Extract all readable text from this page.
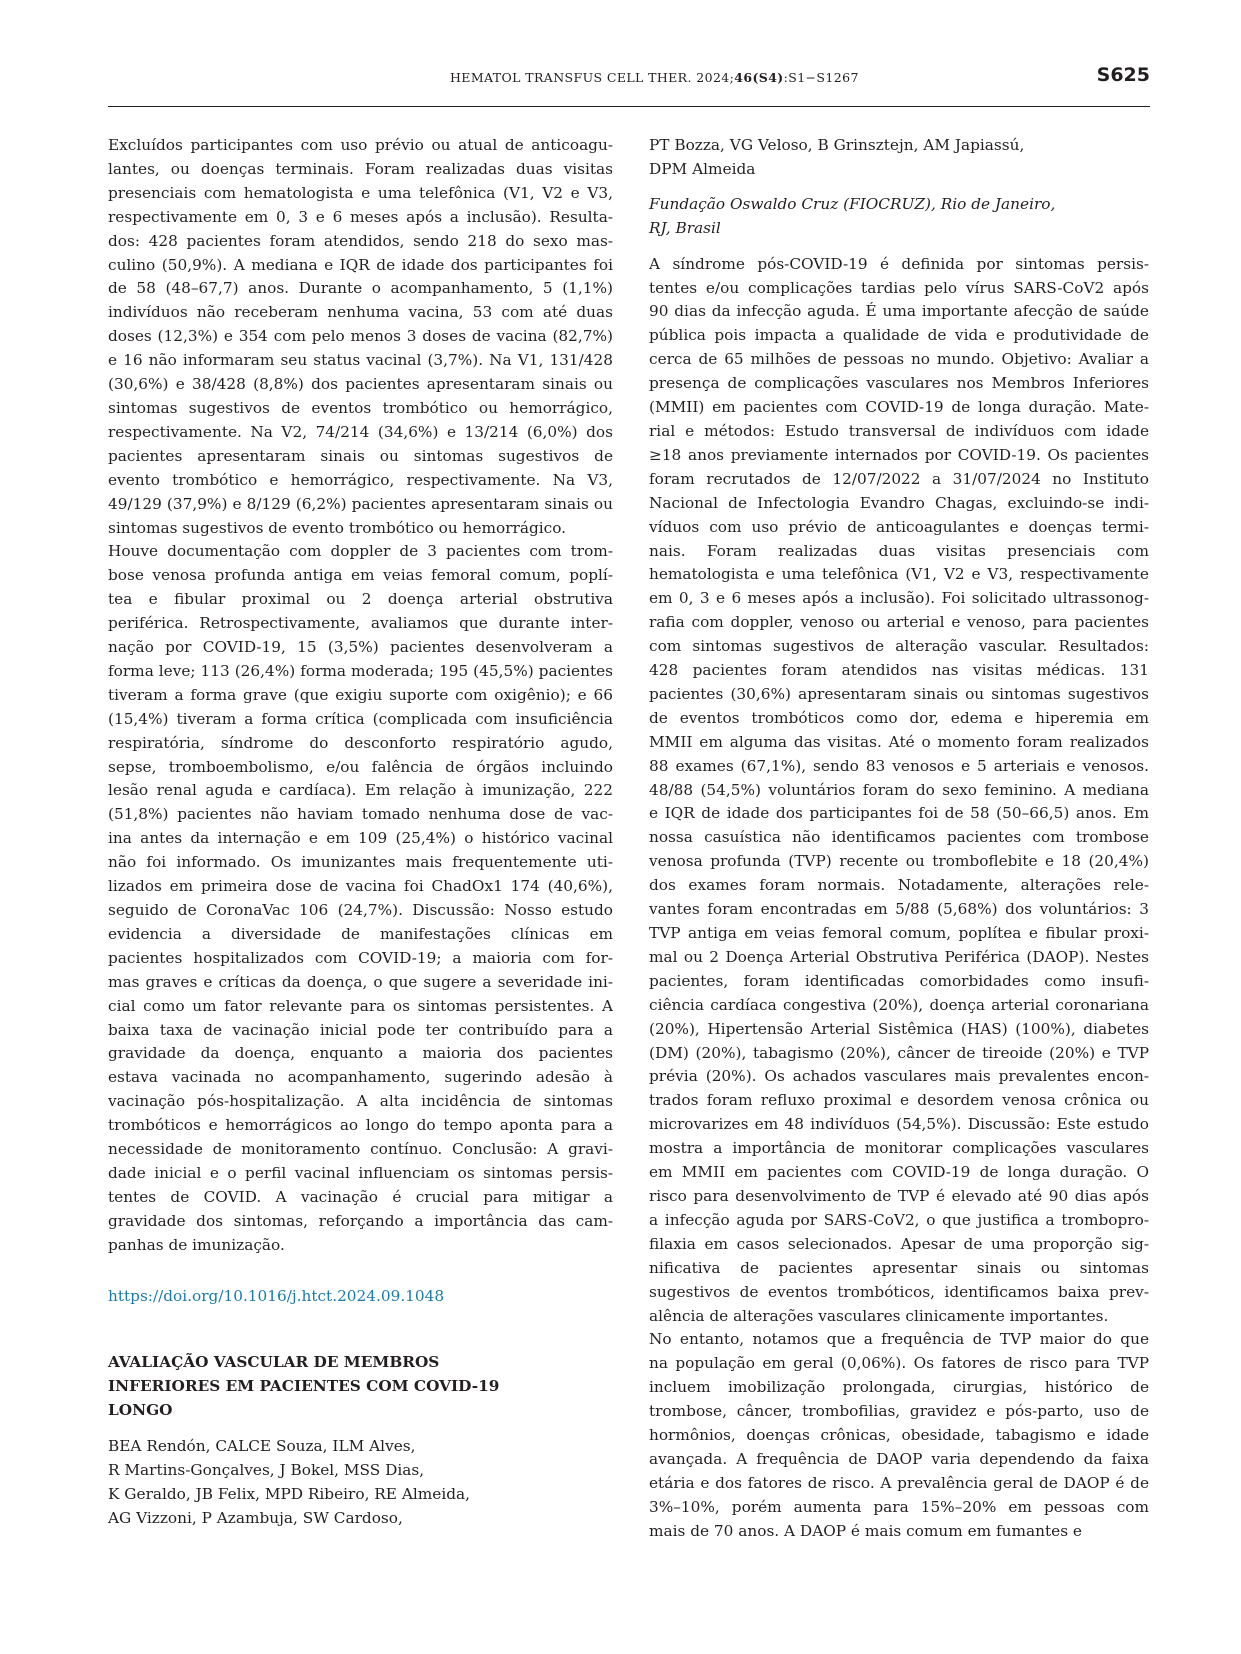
HEMATOL TRANSFUS CELL THER. 2024;46(S4):S1−S1267	S625
Excluídos participantes com uso prévio ou atual de anticoagu-
lantes, ou doenças terminais. Foram realizadas duas visitas
presenciais com hematologista e uma telefônica (V1, V2 e V3,
respectivamente em 0, 3 e 6 meses após a inclusão). Resulta-
dos: 428 pacientes foram atendidos, sendo 218 do sexo mas-
culino (50,9%). A mediana e IQR de idade dos participantes foi
de 58 (48–67,7) anos. Durante o acompanhamento, 5 (1,1%)
indivíduos não receberam nenhuma vacina, 53 com até duas
doses (12,3%) e 354 com pelo menos 3 doses de vacina (82,7%)
e 16 não informaram seu status vacinal (3,7%). Na V1, 131/428
(30,6%) e 38/428 (8,8%) dos pacientes apresentaram sinais ou
sintomas sugestivos de eventos trombótico ou hemorrágico,
respectivamente. Na V2, 74/214 (34,6%) e 13/214 (6,0%) dos
pacientes apresentaram sinais ou sintomas sugestivos de
evento trombótico e hemorrágico, respectivamente. Na V3,
49/129 (37,9%) e 8/129 (6,2%) pacientes apresentaram sinais ou
sintomas sugestivos de evento trombótico ou hemorrágico.
Houve documentação com doppler de 3 pacientes com trom-
bose venosa profunda antiga em veias femoral comum, poplí-
tea e fibular proximal ou 2 doença arterial obstrutiva
periférica. Retrospectivamente, avaliamos que durante inter-
nação por COVID-19, 15 (3,5%) pacientes desenvolveram a
forma leve; 113 (26,4%) forma moderada; 195 (45,5%) pacientes
tiveram a forma grave (que exigiu suporte com oxigênio); e 66
(15,4%) tiveram a forma crítica (complicada com insuficiência
respiratória, síndrome do desconforto respiratório agudo,
sepse, tromboembolismo, e/ou falência de órgãos incluindo
lesão renal aguda e cardíaca). Em relação à imunização, 222
(51,8%) pacientes não haviam tomado nenhuma dose de vac-
ina antes da internação e em 109 (25,4%) o histórico vacinal
não foi informado. Os imunizantes mais frequentemente uti-
lizados em primeira dose de vacina foi ChadOx1 174 (40,6%),
seguido de CoronaVac 106 (24,7%). Discussão: Nosso estudo
evidencia a diversidade de manifestações clínicas em
pacientes hospitalizados com COVID-19; a maioria com for-
mas graves e críticas da doença, o que sugere a severidade ini-
cial como um fator relevante para os sintomas persistentes. A
baixa taxa de vacinação inicial pode ter contribuído para a
gravidade da doença, enquanto a maioria dos pacientes
estava vacinada no acompanhamento, sugerindo adesão à
vacinação pós-hospitalização. A alta incidência de sintomas
trombóticos e hemorrágicos ao longo do tempo aponta para a
necessidade de monitoramento contínuo. Conclusão: A gravi-
dade inicial e o perfil vacinal influenciam os sintomas persis-
tentes de COVID. A vacinação é crucial para mitigar a
gravidade dos sintomas, reforçando a importância das cam-
panhas de imunização.
https://doi.org/10.1016/j.htct.2024.09.1048
AVALIAÇÃO VASCULAR DE MEMBROS
INFERIORES EM PACIENTES COM COVID-19
LONGO
BEA Rendón, CALCE Souza, ILM Alves,
R Martins-Gonçalves, J Bokel, MSS Dias,
K Geraldo, JB Felix, MPD Ribeiro, RE Almeida,
AG Vizzoni, P Azambuja, SW Cardoso,
PT Bozza, VG Veloso, B Grinsztejn, AM Japiassú,
DPM Almeida
Fundação Oswaldo Cruz (FIOCRUZ), Rio de Janeiro,
RJ, Brasil
A síndrome pós-COVID-19 é definida por sintomas persis-
tentes e/ou complicações tardias pelo vírus SARS-CoV2 após
90 dias da infecção aguda. É uma importante afecção de saúde
pública pois impacta a qualidade de vida e produtividade de
cerca de 65 milhões de pessoas no mundo. Objetivo: Avaliar a
presença de complicações vasculares nos Membros Inferiores
(MMII) em pacientes com COVID-19 de longa duração. Mate-
rial e métodos: Estudo transversal de indivíduos com idade
≥18 anos previamente internados por COVID-19. Os pacientes
foram recrutados de 12/07/2022 a 31/07/2024 no Instituto
Nacional de Infectologia Evandro Chagas, excluindo-se indi-
víduos com uso prévio de anticoagulantes e doenças termi-
nais. Foram realizadas duas visitas presenciais com
hematologista e uma telefônica (V1, V2 e V3, respectivamente
em 0, 3 e 6 meses após a inclusão). Foi solicitado ultrassonog-
rafia com doppler, venoso ou arterial e venoso, para pacientes
com sintomas sugestivos de alteração vascular. Resultados:
428 pacientes foram atendidos nas visitas médicas. 131
pacientes (30,6%) apresentaram sinais ou sintomas sugestivos
de eventos trombóticos como dor, edema e hiperemia em
MMII em alguma das visitas. Até o momento foram realizados
88 exames (67,1%), sendo 83 venosos e 5 arteriais e venosos.
48/88 (54,5%) voluntários foram do sexo feminino. A mediana
e IQR de idade dos participantes foi de 58 (50–66,5) anos. Em
nossa casuística não identificamos pacientes com trombose
venosa profunda (TVP) recente ou tromboflebite e 18 (20,4%)
dos exames foram normais. Notadamente, alterações rele-
vantes foram encontradas em 5/88 (5,68%) dos voluntários: 3
TVP antiga em veias femoral comum, poplítea e fibular proxi-
mal ou 2 Doença Arterial Obstrutiva Periférica (DAOP). Nestes
pacientes, foram identificadas comorbidades como insufi-
ciência cardíaca congestiva (20%), doença arterial coronariana
(20%), Hipertensão Arterial Sistêmica (HAS) (100%), diabetes
(DM) (20%), tabagismo (20%), câncer de tireoide (20%) e TVP
prévia (20%). Os achados vasculares mais prevalentes encon-
trados foram refluxo proximal e desordem venosa crônica ou
microvarizes em 48 indivíduos (54,5%). Discussão: Este estudo
mostra a importância de monitorar complicações vasculares
em MMII em pacientes com COVID-19 de longa duração. O
risco para desenvolvimento de TVP é elevado até 90 dias após
a infecção aguda por SARS-CoV2, o que justifica a trombopro-
filaxia em casos selecionados. Apesar de uma proporção sig-
nificativa de pacientes apresentar sinais ou sintomas
sugestivos de eventos trombóticos, identificamos baixa prev-
alência de alterações vasculares clinicamente importantes.
No entanto, notamos que a frequência de TVP maior do que
na população em geral (0,06%). Os fatores de risco para TVP
incluem imobilização prolongada, cirurgias, histórico de
trombose, câncer, trombofilias, gravidez e pós-parto, uso de
hormônios, doenças crônicas, obesidade, tabagismo e idade
avançada. A frequência de DAOP varia dependendo da faixa
etária e dos fatores de risco. A prevalência geral de DAOP é de
3%–10%, porém aumenta para 15%–20% em pessoas com
mais de 70 anos. A DAOP é mais comum em fumantes e
